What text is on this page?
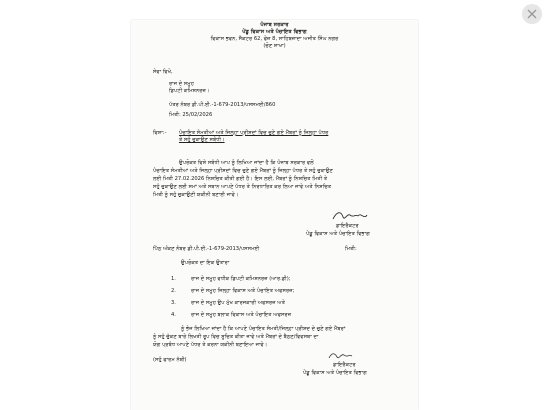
ਪੰਜਾਬ ਸਰਕਾਰ
ਪੇਂਡੂ ਵਿਕਾਸ ਅਤੇ ਪੰਚਾਇਤ ਵਿਭਾਗ
ਵਿਕਾਸ ਭਵਨ, ਸੈਕਟਰ 62, ਫੇਜ਼ 8, ਸਾਹਿਬਜ਼ਾਦਾ ਅਜੀਤ ਸਿੰਘ ਨਗਰ
(ਚੋਣ ਸ਼ਾਖਾ)
ਸੇਵਾ ਵਿਖੇ,
ਰਾਜ ਦੇ ਸਮੂਹ
ਡਿਪਟੀ ਕਮਿਸ਼ਨਰਜ਼।
ਪੱਤਰ ਨੰਬਰ ਡੀ.ਪੀ.ਈ.-1-679-2013/ਪਸਸਮਈ/860
ਮਿਤੀ: 25/02/2026
ਵਿਸ਼ਾ:- ਪੰਚਾਇਤ ਸੰਮਤੀਆਂ ਅਤੇ ਜਿਲ੍ਹਾ ਪ੍ਰੀਸ਼ਦਾਂ ਵਿਚ ਚੁਣੇ ਗਏ ਮੈਂਬਰਾਂ ਨੂੰ ਜਿਲ੍ਹਾ ਪੱਧਰ
ਤੇ ਸਹੁੰ ਚੁਕਾਉਣ ਸਬੰਧੀ।
ਉਪਰੋਕਤ ਵਿਸ਼ੇ ਸਬੰਧੀ ਆਪ ਨੂੰ ਲਿਖਿਆ ਜਾਂਦਾ ਹੈ ਕਿ ਪੰਜਾਬ ਸਰਕਾਰ ਵਲੋਂ
ਪੰਚਾਇਤ ਸੰਮਤੀਆਂ ਅਤੇ ਜਿਲ੍ਹਾ ਪ੍ਰੀਸ਼ਦਾਂ ਵਿਚ ਚੁਣੇ ਗਏ ਮੈਂਬਰਾਂ ਨੂੰ ਜਿਲ੍ਹਾ ਪੱਧਰ ਤੇ ਸਹੁੰ ਚੁਕਾਉਣ
ਲਈ ਮਿਤੀ 27.02.2026 ਨਿਸ਼ਚਿਤ ਕੀਤੀ ਗਈ ਹੈ। ਇਸ ਲਈ, ਮੈਂਬਰਾਂ ਨੂੰ ਨਿਸ਼ਚਿਤ ਮਿਤੀ ਤੇ
ਸਹੁੰ ਚੁਕਾਉਣ ਲਈ ਸਮਾਂ ਅਤੇ ਸਥਾਨ ਆਪਣੇ ਪੱਧਰ ਤੇ ਨਿਰਧਾਰਿਤ ਕਰ ਲਿਆ ਜਾਵੇ ਅਤੇ ਨਿਸ਼ਚਿਤ
ਮਿਤੀ ਨੂੰ ਸਹੁੰ ਚੁਕਾਉਣੀ ਯਕੀਨੀ ਬਣਾਈ ਜਾਵੇ।
ਡਾਇਰੈਕਟਰ
ਪੇਂਡੂ ਵਿਕਾਸ ਅਤੇ ਪੰਚਾਇਤ ਵਿਭਾਗ
ਪਿੱਠ ਅੰਕਣ ਨੰਬਰ ਡੀ.ਪੀ.ਈ.-1-679-2013/ਪਸਸਮਈ	ਮਿਤੀ:
ਉਪਰੋਕਤ ਦਾ ਇਕ ਉਤਾਰਾ
1.	ਰਾਜ ਦੇ ਸਮੂਹ ਵਧੀਕ ਡਿਪਟੀ ਕਮਿਸ਼ਨਰਜ਼ (ਆਰ.ਡੀ);
2.	ਰਾਜ ਦੇ ਸਮੂਹ ਜਿਲ੍ਹਾ ਵਿਕਾਸ ਅਤੇ ਪੰਚਾਇਤ ਅਫਸਰਜ਼;
3.	ਰਾਜ ਦੇ ਸਮੂਹ ਉਪ ਮੁੱਖ ਕਾਰਜਕਾਰੀ ਅਫਸਰਜ਼ ਅਤੇ
4.	ਰਾਜ ਦੇ ਸਮੂਹ ਬਲਾਕ ਵਿਕਾਸ ਅਤੇ ਪੰਚਾਇਤ ਅਫਸਰਜ਼
ਨੂੰ ਭੇਜ ਲਿਖਿਆ ਜਾਂਦਾ ਹੈ ਕਿ ਆਪਣੇ ਪੰਚਾਇਤ ਸੰਮਤੀ/ਜਿਲ੍ਹਾ ਪ੍ਰੀਸ਼ਦ ਦੇ ਚੁਣੇ ਗਏ ਮੈਂਬਰਾਂ
ਨੂੰ ਸਹੁੰ ਚੁੱਕਣ ਬਾਰੇ ਲਿਖਤੀ ਰੂਪ ਵਿਚ ਸੂਚਿਤ ਕੀਤਾ ਜਾਵੇ ਅਤੇ ਮੈਂਬਰਾਂ ਦੇ ਬੈਠਣ/ਵਿਵਸਥਾ ਦਾ
ਯੋਗ ਪ੍ਰਬੰਧ ਆਪਣੇ ਪੱਧਰ ਤੇ ਕਰਨਾ ਯਕੀਨੀ ਬਣਾਇਆ ਜਾਵੇ।
(ਸਹੁੰ ਫਾਰਮ ਨੱਥੀ)
ਡਾਇਰੈਕਟਰ
ਪੇਂਡੂ ਵਿਕਾਸ ਅਤੇ ਪੰਚਾਇਤ ਵਿਭਾਗ
